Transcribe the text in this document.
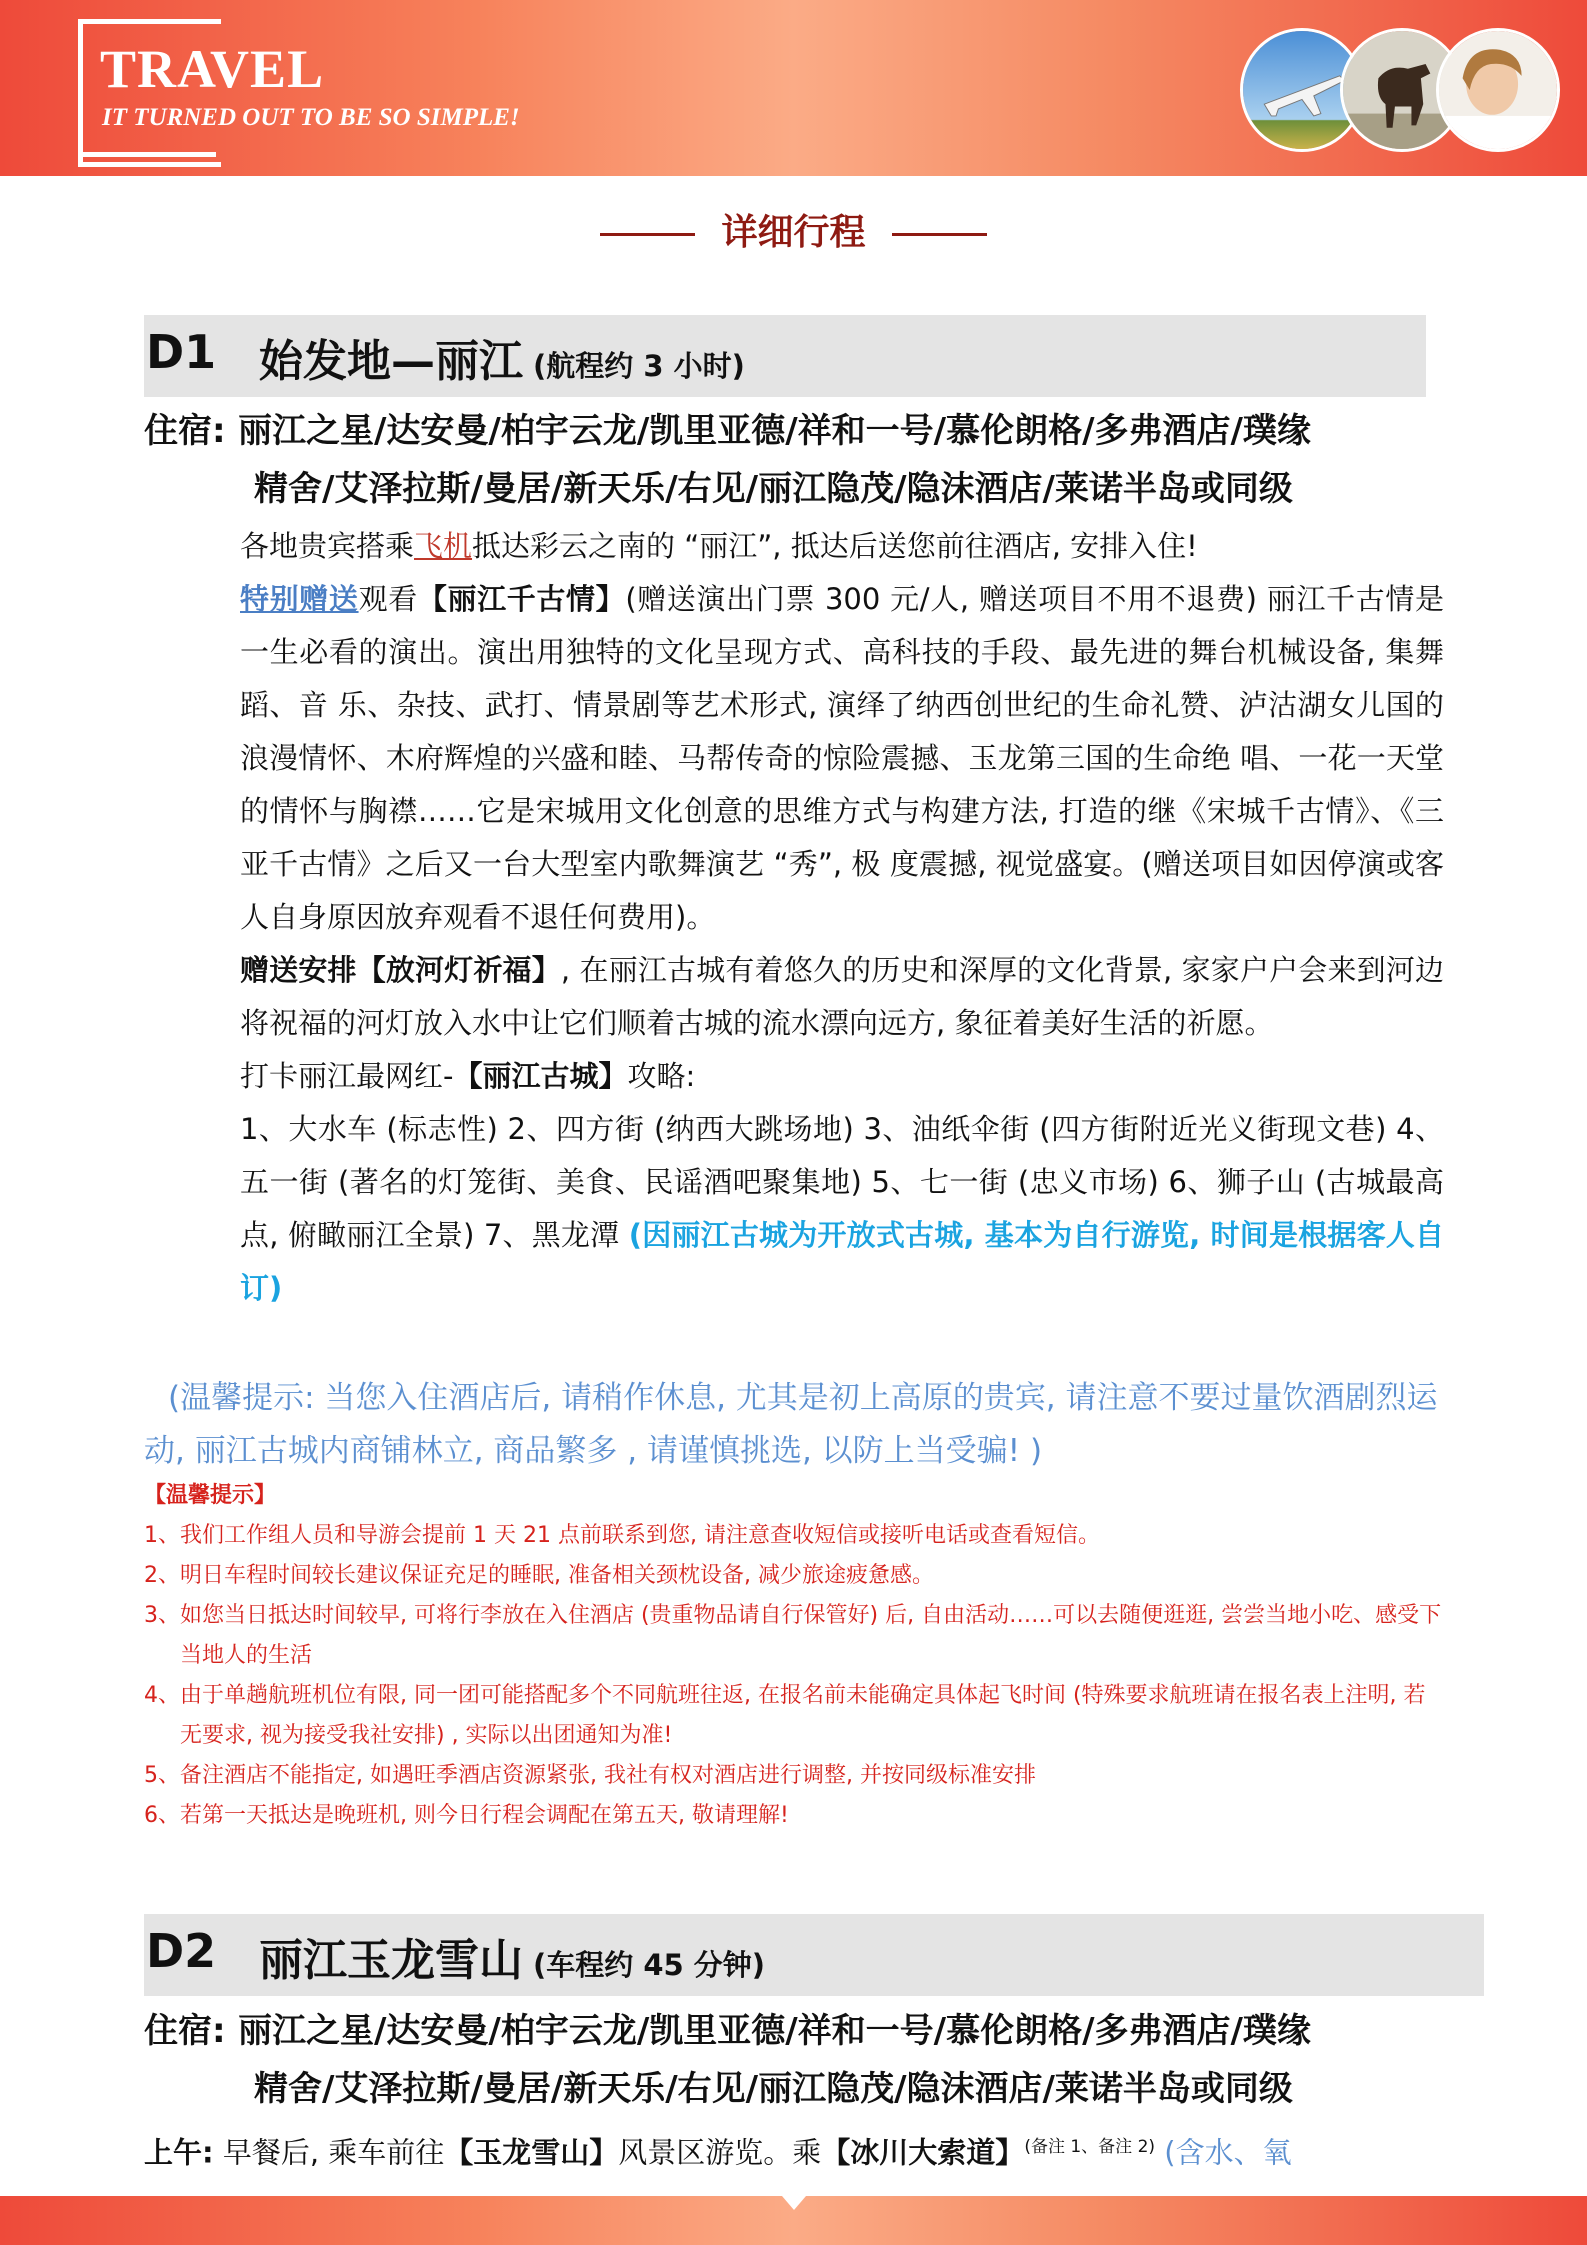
TRAVEL
IT TURNED OUT TO BE SO SIMPLE!
详细行程
D1 始发地—丽江 (航程约 3 小时)
住宿: 丽江之星/达安曼/柏宇云龙/凯里亚德/祥和一号/慕伦朗格/多弗酒店/璞缘
精舍/艾泽拉斯/曼居/新天乐/右见/丽江隐茂/隐沫酒店/莱诺半岛或同级

各地贵宾搭乘飞机抵达彩云之南的 “丽江”, 抵达后送您前往酒店, 安排入住!

特别赠送观看【丽江千古情】(赠送演出门票 300 元/人, 赠送项目不用不退费) 丽江千古情是一生必看的演出。演出用独特的文化呈现方式、高科技的手段、最先进的舞台机械设备, 集舞蹈、音 乐、杂技、武打、情景剧等艺术形式, 演绎了纳西创世纪的生命礼赞、泸沽湖女儿国的浪漫情怀、木府辉煌的兴盛和睦、马帮传奇的惊险震撼、玉龙第三国的生命绝 唱、一花一天堂的情怀与胸襟……它是宋城用文化创意的思维方式与构建方法, 打造的继《宋城千古情》、《三亚千古情》之后又一台大型室内歌舞演艺 “秀”, 极 度震撼, 视觉盛宴。(赠送项目如因停演或客人自身原因放弃观看不退任何费用)。

赠送安排【放河灯祈福】, 在丽江古城有着悠久的历史和深厚的文化背景, 家家户户会来到河边将祝福的河灯放入水中让它们顺着古城的流水漂向远方, 象征着美好生活的祈愿。

打卡丽江最网红-【丽江古城】攻略:

1、大水车 (标志性) 2、四方街 (纳西大跳场地) 3、油纸伞街 (四方街附近光义街现文巷) 4、五一街 (著名的灯笼街、美食、民谣酒吧聚集地) 5、七一街 (忠义市场) 6、狮子山 (古城最高点, 俯瞰丽江全景) 7、黑龙潭 (因丽江古城为开放式古城, 基本为自行游览, 时间是根据客人自订)

(温馨提示: 当您入住酒店后, 请稍作休息, 尤其是初上高原的贵宾, 请注意不要过量饮酒剧烈运动, 丽江古城内商铺林立, 商品繁多 , 请谨慎挑选, 以防上当受骗! )
【温馨提示】
1、我们工作组人员和导游会提前 1 天 21 点前联系到您, 请注意查收短信或接听电话或查看短信。
2、明日车程时间较长建议保证充足的睡眠, 准备相关颈枕设备, 减少旅途疲惫感。
3、如您当日抵达时间较早, 可将行李放在入住酒店 (贵重物品请自行保管好) 后, 自由活动……可以去随便逛逛, 尝尝当地小吃、感受下当地人的生活
4、由于单趟航班机位有限, 同一团可能搭配多个不同航班往返, 在报名前未能确定具体起飞时间 (特殊要求航班请在报名表上注明, 若无要求, 视为接受我社安排) , 实际以出团通知为准!
5、备注酒店不能指定, 如遇旺季酒店资源紧张, 我社有权对酒店进行调整, 并按同级标准安排
6、若第一天抵达是晚班机, 则今日行程会调配在第五天, 敬请理解!
D2 丽江玉龙雪山 (车程约 45 分钟)
住宿: 丽江之星/达安曼/柏宇云龙/凯里亚德/祥和一号/慕伦朗格/多弗酒店/璞缘
精舍/艾泽拉斯/曼居/新天乐/右见/丽江隐茂/隐沫酒店/莱诺半岛或同级
上午: 早餐后, 乘车前往【玉龙雪山】风景区游览。乘【冰川大索道】$^{(备注 1、备注 2)}$ (含水、氧
